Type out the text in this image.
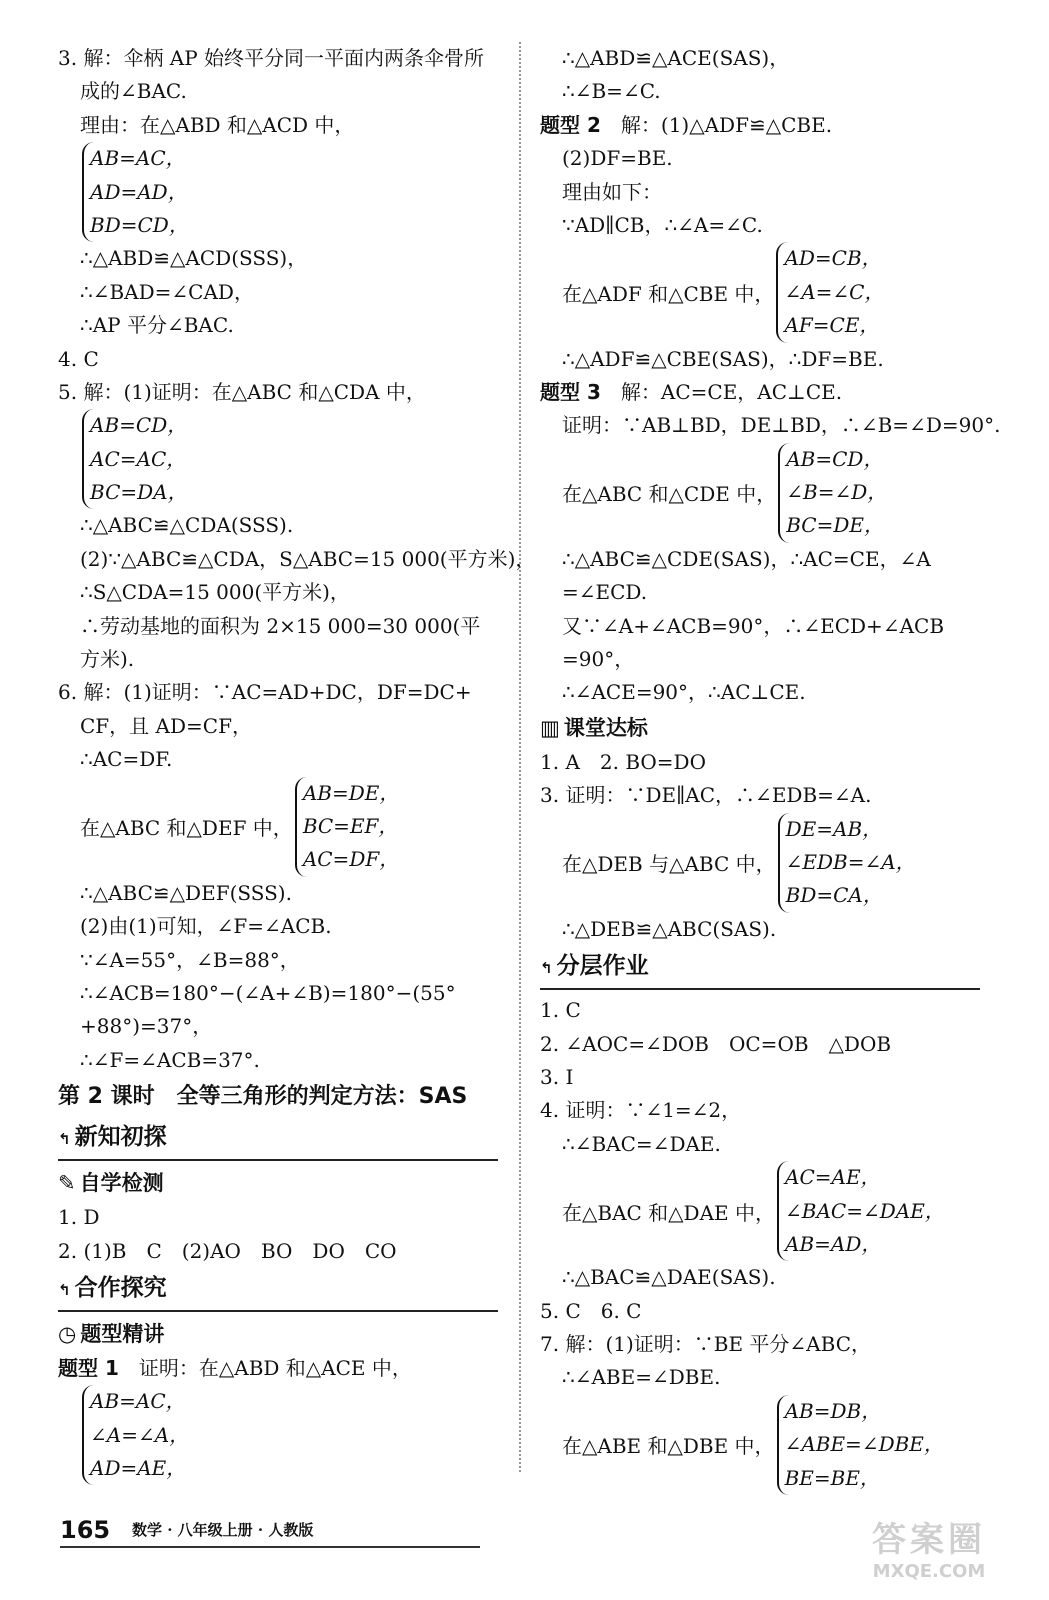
3. 解：伞柄 AP 始终平分同一平面内两条伞骨所
成的∠BAC.
理由：在△ABD 和△ACD 中，
AB=AC，
AD=AD，
BD=CD，
∴△ABD≌△ACD(SSS)，
∴∠BAD=∠CAD，
∴AP 平分∠BAC.
4. C
5. 解：(1)证明：在△ABC 和△CDA 中，
AB=CD，
AC=AC，
BC=DA，
∴△ABC≌△CDA(SSS).
(2)∵△ABC≌△CDA，S△ABC=15 000(平方米)，
∴S△CDA=15 000(平方米)，
∴劳动基地的面积为 2×15 000=30 000(平
方米).
6. 解：(1)证明：∵AC=AD+DC，DF=DC+
CF，且 AD=CF，
∴AC=DF.
在△ABC 和△DEF 中，
AB=DE，
BC=EF，
AC=DF，
∴△ABC≌△DEF(SSS).
(2)由(1)可知，∠F=∠ACB.
∵∠A=55°，∠B=88°，
∴∠ACB=180°−(∠A+∠B)=180°−(55°
+88°)=37°，
∴∠F=∠ACB=37°.
第 2 课时　全等三角形的判定方法：SAS
↰ 新知初探
✎ 自学检测
1. D
2. (1)B　C　(2)AO　BO　DO　CO
↰ 合作探究
◷ 题型精讲
题型 1　 证明：在△ABD 和△ACE 中，
AB=AC，
∠A=∠A，
AD=AE，
∴△ABD≌△ACE(SAS)，
∴∠B=∠C.
题型 2　 解：(1)△ADF≌△CBE.
(2)DF=BE.
理由如下：
∵AD∥CB，∴∠A=∠C.
在△ADF 和△CBE 中，
AD=CB，
∠A=∠C，
AF=CE，
∴△ADF≌△CBE(SAS)，∴DF=BE.
题型 3　 解：AC=CE，AC⊥CE.
证明：∵AB⊥BD，DE⊥BD，∴∠B=∠D=90°.
在△ABC 和△CDE 中，
AB=CD，
∠B=∠D，
BC=DE，
∴△ABC≌△CDE(SAS)，∴AC=CE，∠A
=∠ECD.
又∵∠A+∠ACB=90°，∴∠ECD+∠ACB
=90°，
∴∠ACE=90°，∴AC⊥CE.
▥ 课堂达标
1. A　2. BO=DO
3. 证明：∵DE∥AC，∴∠EDB=∠A.
在△DEB 与△ABC 中，
DE=AB，
∠EDB=∠A，
BD=CA，
∴△DEB≌△ABC(SAS).
↰ 分层作业
1. C
2. ∠AOC=∠DOB　OC=OB　△DOB
3. Ⅰ
4. 证明：∵∠1=∠2，
∴∠BAC=∠DAE.
在△BAC 和△DAE 中，
AC=AE，
∠BAC=∠DAE，
AB=AD，
∴△BAC≌△DAE(SAS).
5. C　6. C
7. 解：(1)证明：∵BE 平分∠ABC，
∴∠ABE=∠DBE.
在△ABE 和△DBE 中，
AB=DB，
∠ABE=∠DBE，
BE=BE，
165 数学 · 八年级上册 · 人教版	答案圈
MXQE.COM
